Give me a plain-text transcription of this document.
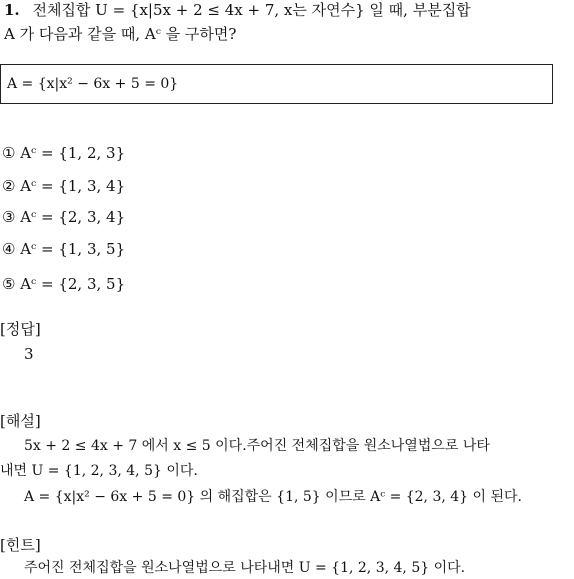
1. 전체집합 U = {x|5x + 2 ≤ 4x + 7, x는 자연수} 일 때, 부분집합
A 가 다음과 같을 때, Aᶜ 을 구하면?
A = {x|x² − 6x + 5 = 0}
① Aᶜ = {1, 2, 3}
② Aᶜ = {1, 3, 4}
③ Aᶜ = {2, 3, 4}
④ Aᶜ = {1, 3, 5}
⑤ Aᶜ = {2, 3, 5}
[정답]
3
[해설]
5x + 2 ≤ 4x + 7 에서 x ≤ 5 이다.주어진 전체집합을 원소나열법으로 나타
내면 U = {1, 2, 3, 4, 5} 이다.
A = {x|x² − 6x + 5 = 0} 의 해집합은 {1, 5} 이므로 Aᶜ = {2, 3, 4} 이 된다.
[힌트]
주어진 전체집합을 원소나열법으로 나타내면 U = {1, 2, 3, 4, 5} 이다.
